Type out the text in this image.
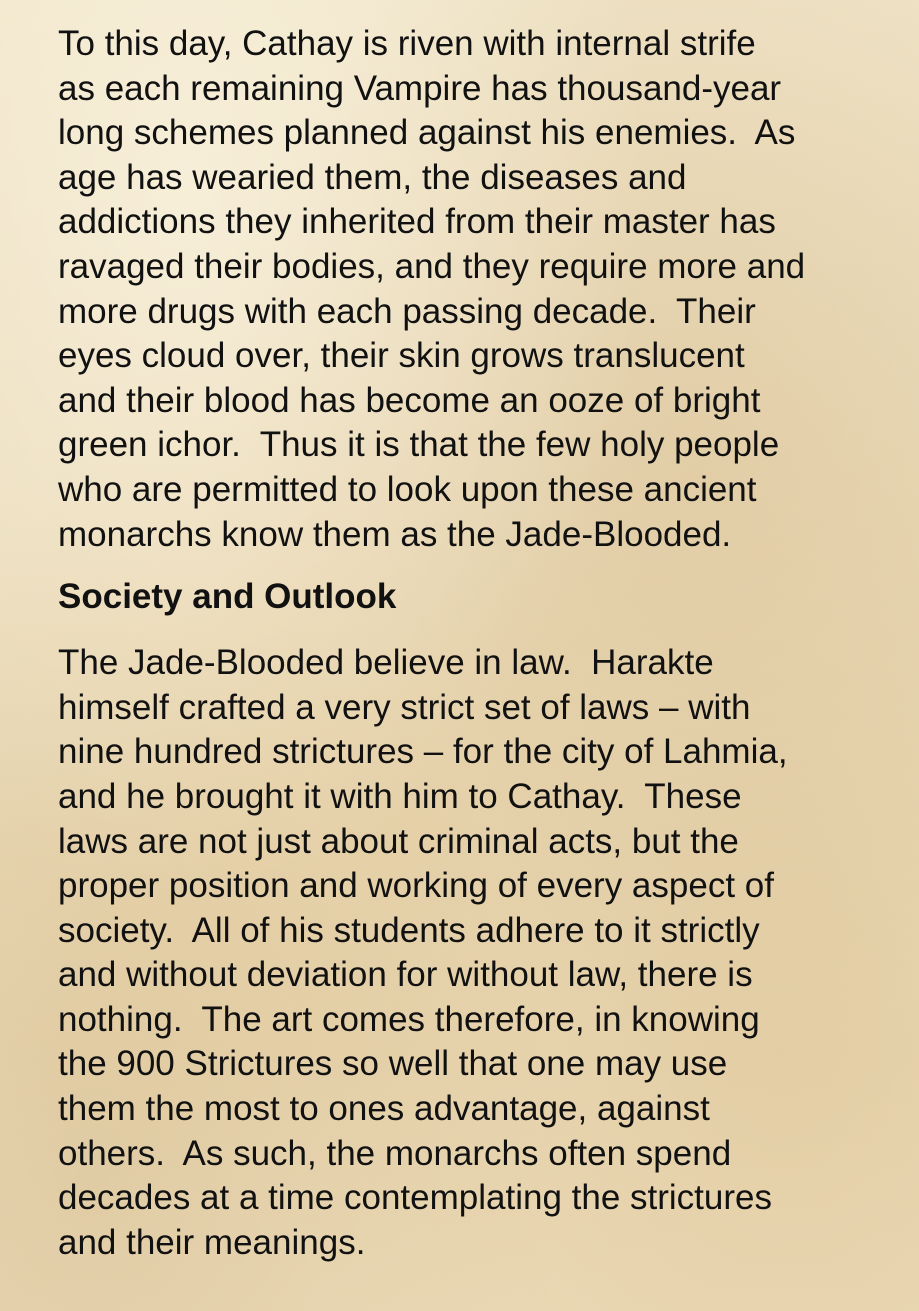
To this day, Cathay is riven with internal strife
as each remaining Vampire has thousand-year
long schemes planned against his enemies.  As
age has wearied them, the diseases and
addictions they inherited from their master has
ravaged their bodies, and they require more and
more drugs with each passing decade.  Their
eyes cloud over, their skin grows translucent
and their blood has become an ooze of bright
green ichor.  Thus it is that the few holy people
who are permitted to look upon these ancient
monarchs know them as the Jade-Blooded.
Society and Outlook
The Jade-Blooded believe in law.  Harakte
himself crafted a very strict set of laws – with
nine hundred strictures – for the city of Lahmia,
and he brought it with him to Cathay.  These
laws are not just about criminal acts, but the
proper position and working of every aspect of
society.  All of his students adhere to it strictly
and without deviation for without law, there is
nothing.  The art comes therefore, in knowing
the 900 Strictures so well that one may use
them the most to ones advantage, against
others.  As such, the monarchs often spend
decades at a time contemplating the strictures
and their meanings.
